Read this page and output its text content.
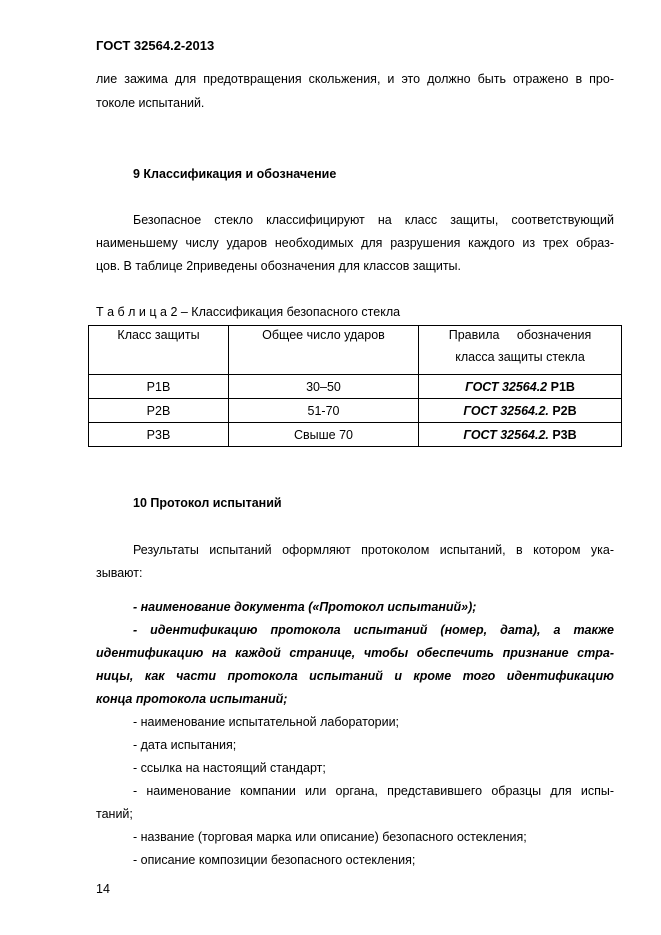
ГОСТ 32564.2-2013
лие зажима для предотвращения скольжения, и это должно быть отражено в про-
токоле испытаний.
9 Классификация и обозначение
Безопасное стекло классифицируют на класс защиты, соответствующий
наименьшему числу ударов необходимых для разрушения каждого из трех образ-
цов. В таблице 2приведены обозначения для классов защиты.
Т а б л и ц а 2 – Классификация безопасного стекла
Класс защиты	Общее число ударов	Правила     обозначения
класса защиты стекла

Р1В	30–50	ГОСТ 32564.2 Р1В
Р2В	51-70	ГОСТ 32564.2. Р2В
Р3В	Свыше 70	ГОСТ 32564.2. Р3В
10 Протокол испытаний
Результаты испытаний оформляют протоколом испытаний, в котором ука-
зывают:
- наименование документа («Протокол испытаний»);
- идентификацию протокола испытаний (номер, дата), а также
идентификацию на каждой странице, чтобы обеспечить признание стра-
ницы, как части протокола испытаний и кроме того идентификацию
конца протокола испытаний;
- наименование испытательной лаборатории;
- дата испытания;
- ссылка на настоящий стандарт;
- наименование компании или органа, представившего образцы для испы-
таний;
- название (торговая марка или описание) безопасного остекления;
- описание композиции безопасного остекления;
14
